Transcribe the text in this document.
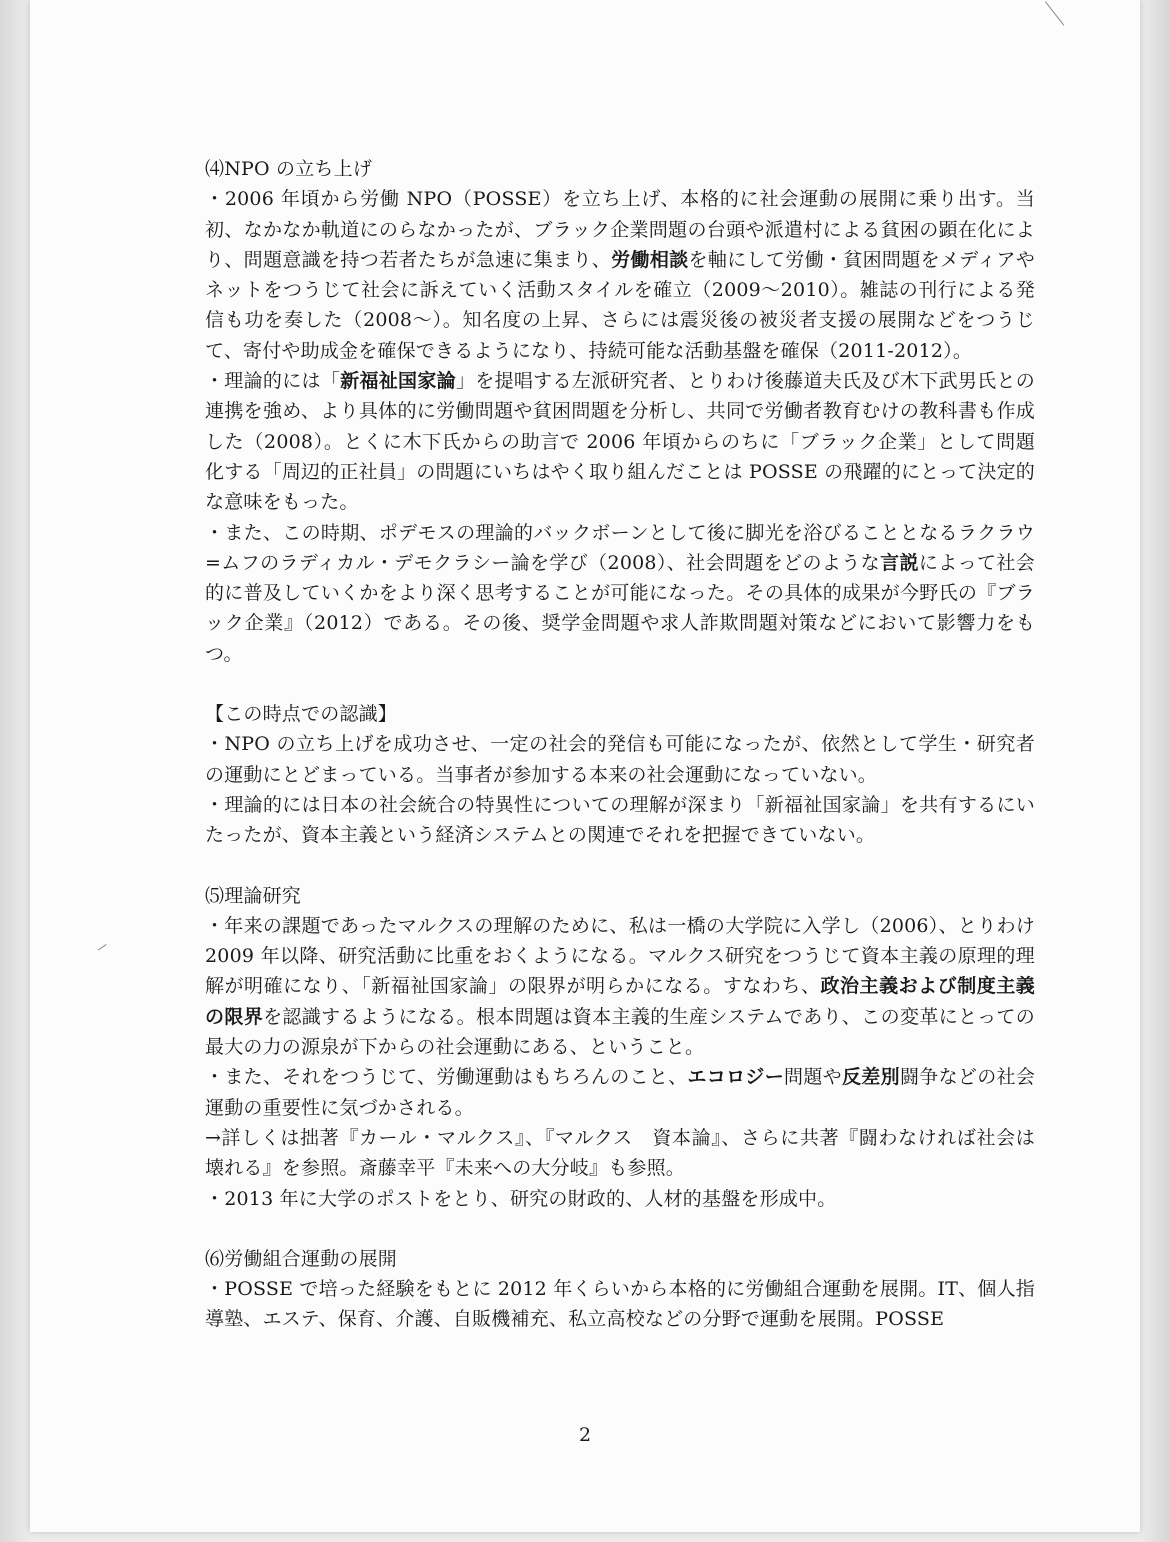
⑷NPO の立ち上げ

・2006 年頃から労働 NPO（POSSE）を立ち上げ、本格的に社会運動の展開に乗り出す。当初、なかなか軌道にのらなかったが、ブラック企業問題の台頭や派遣村による貧困の顕在化により、問題意識を持つ若者たちが急速に集まり、労働相談を軸にして労働・貧困問題をメディアやネットをつうじて社会に訴えていく活動スタイルを確立（2009〜2010）。雑誌の刊行による発信も功を奏した（2008〜）。知名度の上昇、さらには震災後の被災者支援の展開などをつうじて、寄付や助成金を確保できるようになり、持続可能な活動基盤を確保（2011-2012）。

・理論的には「新福祉国家論」を提唱する左派研究者、とりわけ後藤道夫氏及び木下武男氏との連携を強め、より具体的に労働問題や貧困問題を分析し、共同で労働者教育むけの教科書も作成した（2008）。とくに木下氏からの助言で 2006 年頃からのちに「ブラック企業」として問題化する「周辺的正社員」の問題にいちはやく取り組んだことは POSSE の飛躍的にとって決定的な意味をもった。

・また、この時期、ポデモスの理論的バックボーンとして後に脚光を浴びることとなるラクラウ=ムフのラディカル・デモクラシー論を学び（2008）、社会問題をどのような言説によって社会的に普及していくかをより深く思考することが可能になった。その具体的成果が今野氏の『ブラック企業』（2012）である。その後、奨学金問題や求人詐欺問題対策などにおいて影響力をもつ。

【この時点での認識】

・NPO の立ち上げを成功させ、一定の社会的発信も可能になったが、依然として学生・研究者の運動にとどまっている。当事者が参加する本来の社会運動になっていない。

・理論的には日本の社会統合の特異性についての理解が深まり「新福祉国家論」を共有するにいたったが、資本主義という経済システムとの関連でそれを把握できていない。

⑸理論研究

・年来の課題であったマルクスの理解のために、私は一橋の大学院に入学し（2006）、とりわけ 2009 年以降、研究活動に比重をおくようになる。マルクス研究をつうじて資本主義の原理的理解が明確になり、「新福祉国家論」の限界が明らかになる。すなわち、政治主義および制度主義の限界を認識するようになる。根本問題は資本主義的生産システムであり、この変革にとっての最大の力の源泉が下からの社会運動にある、ということ。

・また、それをつうじて、労働運動はもちろんのこと、エコロジー問題や反差別闘争などの社会運動の重要性に気づかされる。

→詳しくは拙著『カール・マルクス』、『マルクス　資本論』、さらに共著『闘わなければ社会は壊れる』を参照。斎藤幸平『未来への大分岐』も参照。

・2013 年に大学のポストをとり、研究の財政的、人材的基盤を形成中。

⑹労働組合運動の展開

・POSSE で培った経験をもとに 2012 年くらいから本格的に労働組合運動を展開。IT、個人指導塾、エステ、保育、介護、自販機補充、私立高校などの分野で運動を展開。POSSE

2
